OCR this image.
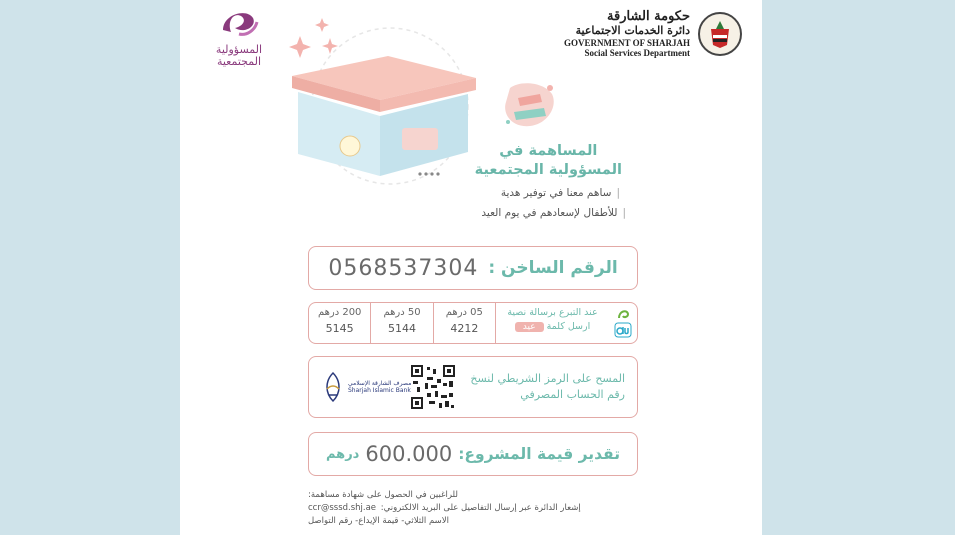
المسؤولية
المجتمعية
حكومة الشارقة
دائرة الخدمات الاجتماعية
GOVERNMENT OF SHARJAH
Social Services Department
المساهمة في
المسؤولية المجتمعية
|ساهم معنا في توفير هدية
|للأطفال لإسعادهم في يوم العيد
الرقم الساخن :
0568537304
عند التبرع برسالة نصية
ارسل كلمة عيد
05 درهم
4212
50 درهم
5144
200 درهم
5145
المسح على الرمز الشريطي لنسخ
رقم الحساب المصرفي
مصرف الشارقة الإسلامي
Sharjah Islamic Bank
تقدير قيمة المشروع:
600.000
درهم
للراغبين في الحصول على شهادة مساهمة:
إشعار الدائرة عبر إرسال التفاصيل على البريد الالكتروني: ccr@sssd.shj.ae
الاسم الثلاثي- قيمة الإيداع- رقم التواصل
